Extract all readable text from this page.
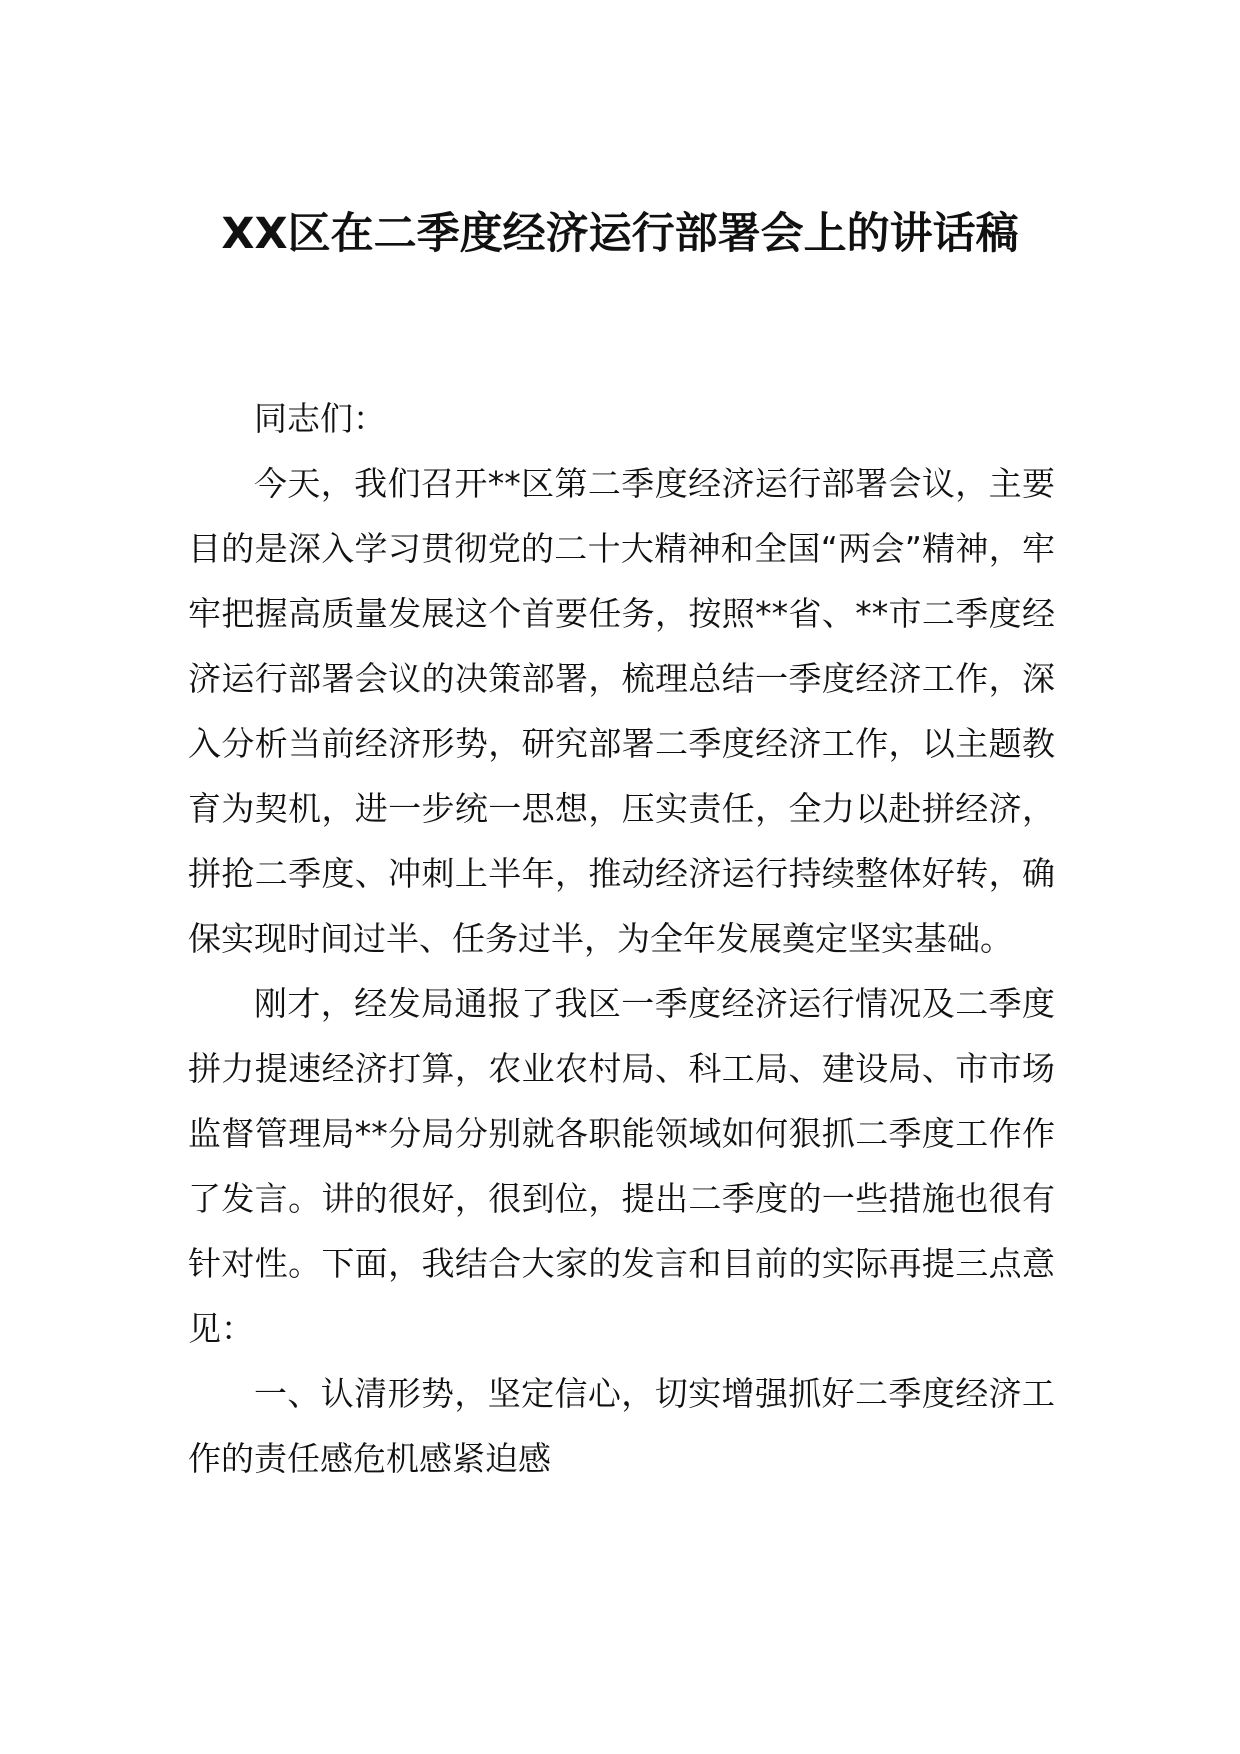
XX区在二季度经济运行部署会上的讲话稿

同志们：

今天，我们召开**区第二季度经济运行部署会议，主要目的是深入学习贯彻党的二十大精神和全国“两会”精神，牢牢把握高质量发展这个首要任务，按照**省、**市二季度经济运行部署会议的决策部署，梳理总结一季度经济工作，深入分析当前经济形势，研究部署二季度经济工作，以主题教育为契机，进一步统一思想，压实责任，全力以赴拼经济，拼抢二季度、冲刺上半年，推动经济运行持续整体好转，确保实现时间过半、任务过半，为全年发展奠定坚实基础。

刚才，经发局通报了我区一季度经济运行情况及二季度拼力提速经济打算，农业农村局、科工局、建设局、市市场监督管理局**分局分别就各职能领域如何狠抓二季度工作作了发言。讲的很好，很到位，提出二季度的一些措施也很有针对性。下面，我结合大家的发言和目前的实际再提三点意见：

一、认清形势，坚定信心，切实增强抓好二季度经济工作的责任感危机感紧迫感
